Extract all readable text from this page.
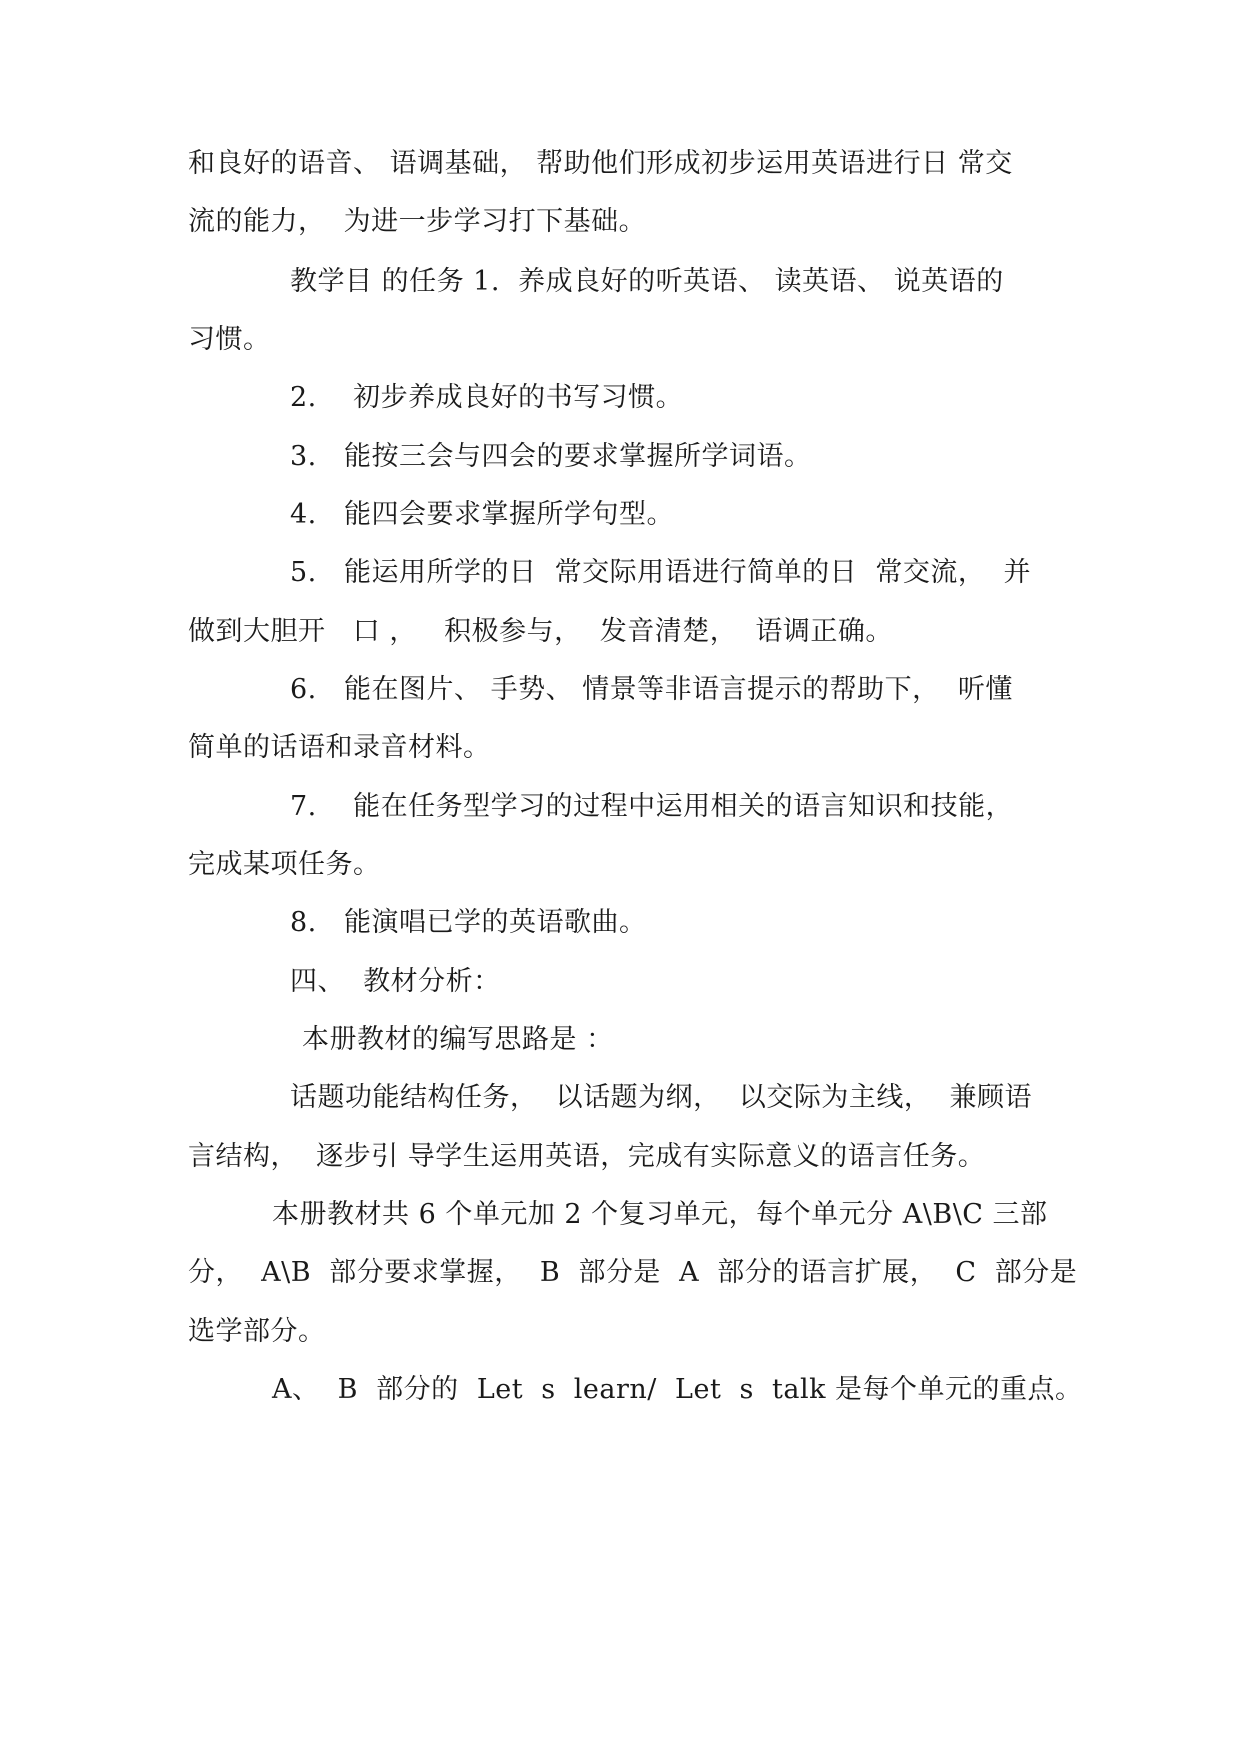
和良好的语音、 语调基础， 帮助他们形成初步运用英语进行日 常交
流的能力，  为进一步学习打下基础。
教学目 的任务 1.  养成良好的听英语、 读英语、 说英语的
习惯。
2.    初步养成良好的书写习惯。
3.   能按三会与四会的要求掌握所学词语。
4.   能四会要求掌握所学句型。
5.   能运用所学的日  常交际用语进行简单的日  常交流，  并
做到大胆开   口 ，   积极参与，  发音清楚，  语调正确。
6.   能在图片、 手势、 情景等非语言提示的帮助下，  听懂
简单的话语和录音材料。
7.    能在任务型学习的过程中运用相关的语言知识和技能，
完成某项任务。
8.   能演唱已学的英语歌曲。
四、  教材分析：
本册教材的编写思路是 ：
话题功能结构任务，  以话题为纲，  以交际为主线，  兼顾语
言结构，  逐步引 导学生运用英语，完成有实际意义的语言任务。
本册教材共 6 个单元加 2 个复习单元，每个单元分 A\B\C 三部
分，  A\B  部分要求掌握，  B  部分是  A  部分的语言扩展，  C  部分是
选学部分。
A、  B  部分的  Let  s  learn/  Let  s  talk 是每个单元的重点。
